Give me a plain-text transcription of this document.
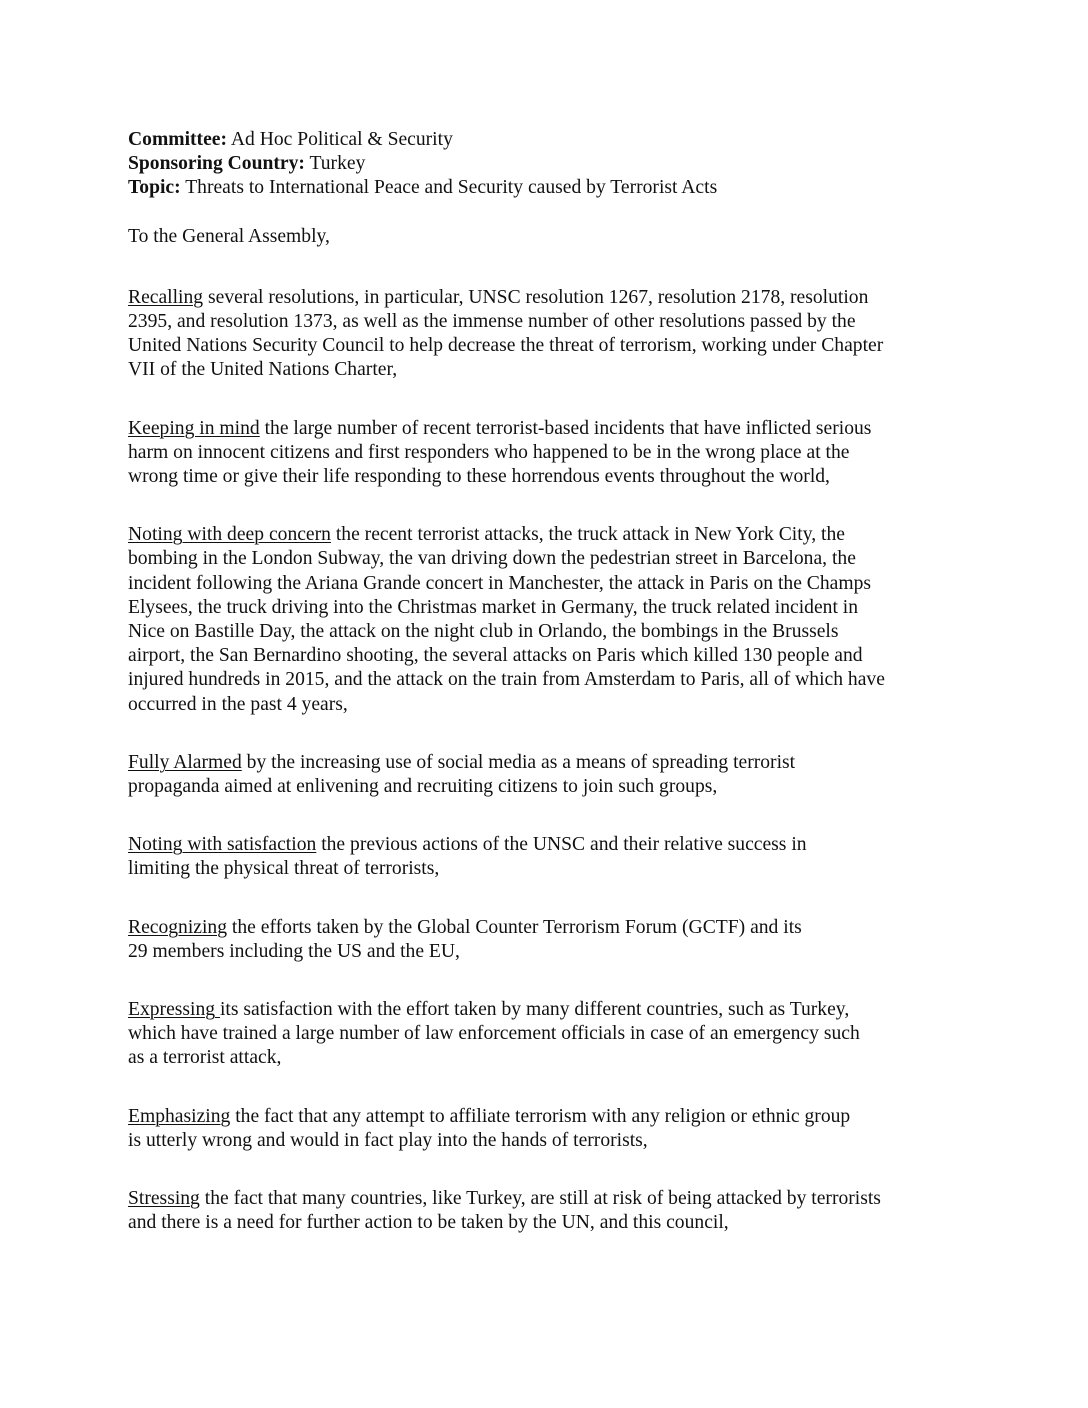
Committee: Ad Hoc Political & Security

Sponsoring Country: Turkey

Topic: Threats to International Peace and Security caused by Terrorist Acts

To the General Assembly,

Recalling several resolutions, in particular, UNSC resolution 1267, resolution 2178, resolution
2395, and resolution 1373, as well as the immense number of other resolutions passed by the
United Nations Security Council to help decrease the threat of terrorism, working under Chapter
VII of the United Nations Charter,

Keeping in mind the large number of recent terrorist-based incidents that have inflicted serious
harm on innocent citizens and first responders who happened to be in the wrong place at the
wrong time or give their life responding to these horrendous events throughout the world,

Noting with deep concern the recent terrorist attacks, the truck attack in New York City, the
bombing in the London Subway, the van driving down the pedestrian street in Barcelona, the
incident following the Ariana Grande concert in Manchester, the attack in Paris on the Champs
Elysees, the truck driving into the Christmas market in Germany, the truck related incident in
Nice on Bastille Day, the attack on the night club in Orlando, the bombings in the Brussels
airport, the San Bernardino shooting, the several attacks on Paris which killed 130 people and
injured hundreds in 2015, and the attack on the train from Amsterdam to Paris, all of which have
occurred in the past 4 years,

Fully Alarmed by the increasing use of social media as a means of spreading terrorist
propaganda aimed at enlivening and recruiting citizens to join such groups,

Noting with satisfaction the previous actions of the UNSC and their relative success in
limiting the physical threat of terrorists,

Recognizing the efforts taken by the Global Counter Terrorism Forum (GCTF) and its
29 members including the US and the EU,

Expressing its satisfaction with the effort taken by many different countries, such as Turkey,
which have trained a large number of law enforcement officials in case of an emergency such
as a terrorist attack,

Emphasizing the fact that any attempt to affiliate terrorism with any religion or ethnic group
is utterly wrong and would in fact play into the hands of terrorists,

Stressing the fact that many countries, like Turkey, are still at risk of being attacked by terrorists
and there is a need for further action to be taken by the UN, and this council,
